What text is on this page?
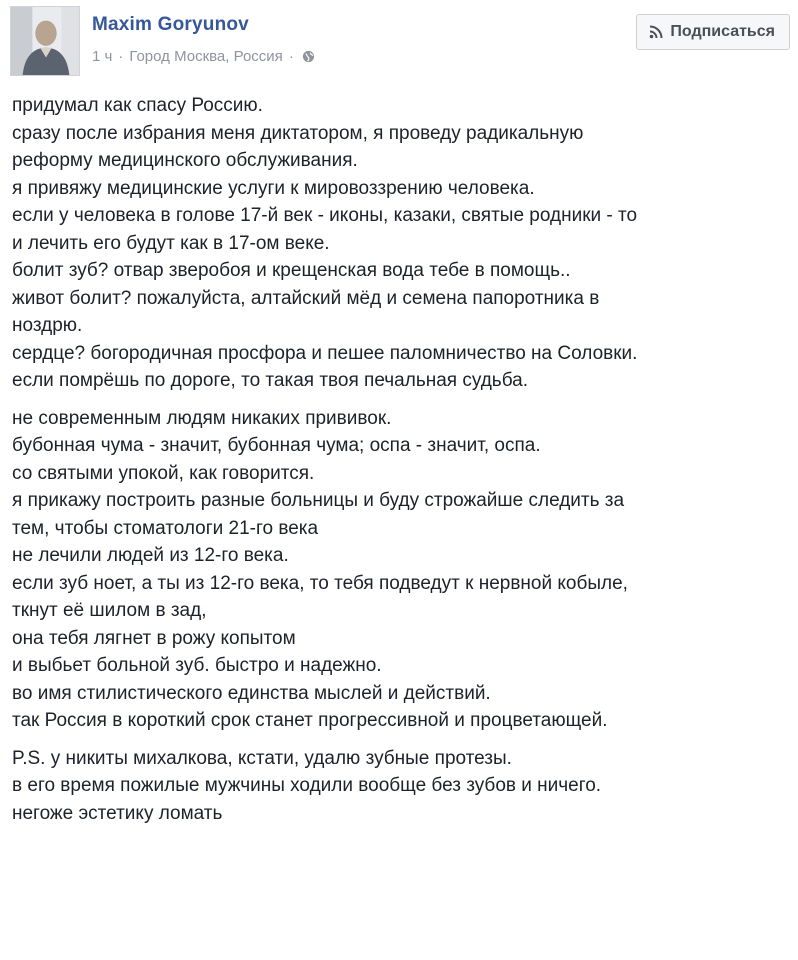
Maxim Goryunov
1 ч · Город Москва, Россия ·
Подписаться
придумал как спасу Россию.
сразу после избрания меня диктатором, я проведу радикальную
реформу медицинского обслуживания.
я привяжу медицинские услуги к мировоззрению человека.
если у человека в голове 17-й век - иконы, казаки, святые родники - то
и лечить его будут как в 17-ом веке.
болит зуб? отвар зверобоя и крещенская вода тебе в помощь..
живот болит? пожалуйста, алтайский мёд и семена папоротника в
ноздрю.
сердце? богородичная просфора и пешее паломничество на Соловки.
если помрёшь по дороге, то такая твоя печальная судьба.
не современным людям никаких прививок.
бубонная чума - значит, бубонная чума; оспа - значит, оспа.
со святыми упокой, как говорится.
я прикажу построить разные больницы и буду строжайше следить за
тем, чтобы стоматологи 21-го века
не лечили людей из 12-го века.
если зуб ноет, а ты из 12-го века, то тебя подведут к нервной кобыле,
ткнут её шилом в зад,
она тебя лягнет в рожу копытом
и выбьет больной зуб. быстро и надежно.
во имя стилистического единства мыслей и действий.
так Россия в короткий срок станет прогрессивной и процветающей.
P.S. у никиты михалкова, кстати, удалю зубные протезы.
в его время пожилые мужчины ходили вообще без зубов и ничего.
негоже эстетику ломать
